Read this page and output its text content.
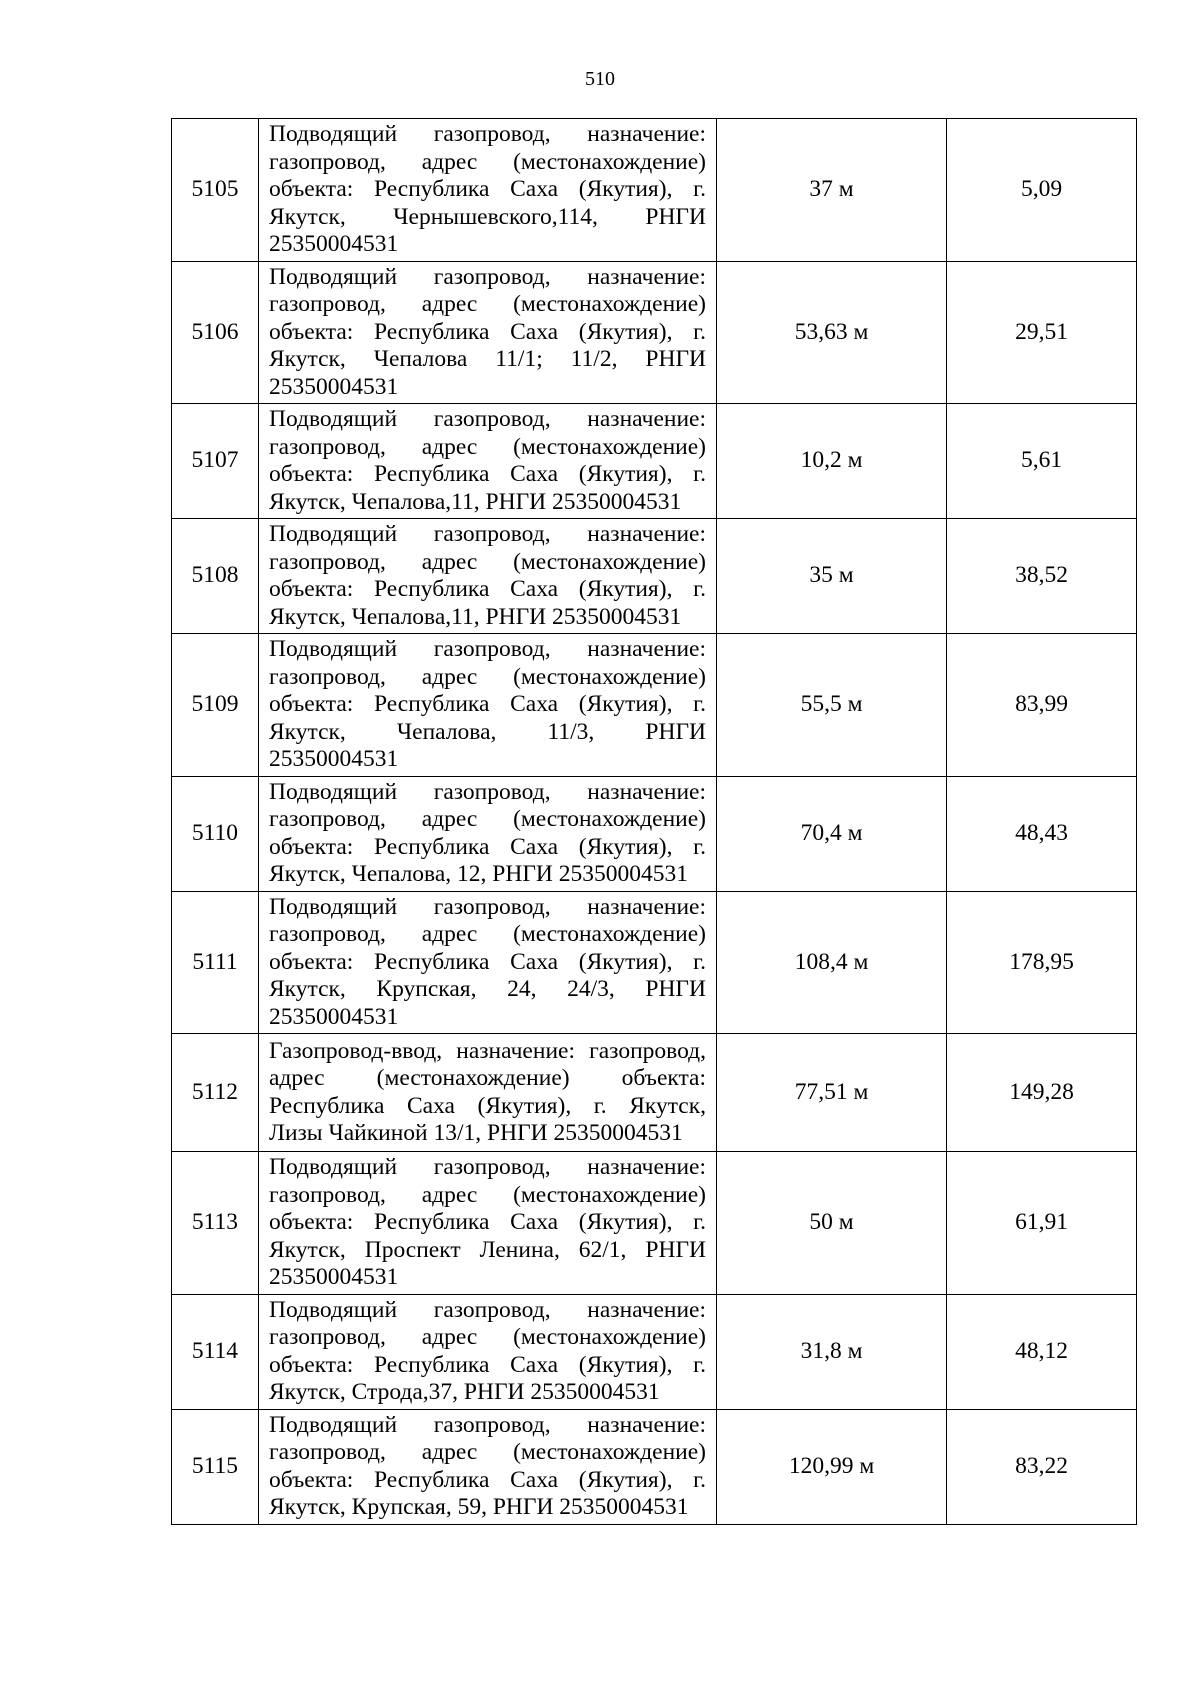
510
5105	Подводящий газопровод, назначение:
газопровод, адрес (местонахождение)
объекта: Республика Саха (Якутия), г.
Якутск, Чернышевского,114, РНГИ
25350004531	37 м	5,09
5106	Подводящий газопровод, назначение:
газопровод, адрес (местонахождение)
объекта: Республика Саха (Якутия), г.
Якутск, Чепалова 11/1; 11/2, РНГИ
25350004531	53,63 м	29,51
5107	Подводящий газопровод, назначение:
газопровод, адрес (местонахождение)
объекта: Республика Саха (Якутия), г.
Якутск, Чепалова,11, РНГИ 25350004531	10,2 м	5,61
5108	Подводящий газопровод, назначение:
газопровод, адрес (местонахождение)
объекта: Республика Саха (Якутия), г.
Якутск, Чепалова,11, РНГИ 25350004531	35 м	38,52
5109	Подводящий газопровод, назначение:
газопровод, адрес (местонахождение)
объекта: Республика Саха (Якутия), г.
Якутск, Чепалова, 11/3, РНГИ
25350004531	55,5 м	83,99
5110	Подводящий газопровод, назначение:
газопровод, адрес (местонахождение)
объекта: Республика Саха (Якутия), г.
Якутск, Чепалова, 12, РНГИ 25350004531	70,4 м	48,43
5111	Подводящий газопровод, назначение:
газопровод, адрес (местонахождение)
объекта: Республика Саха (Якутия), г.
Якутск, Крупская, 24, 24/3, РНГИ
25350004531	108,4 м	178,95
5112	Газопровод-ввод, назначение: газопровод,
адрес (местонахождение) объекта:
Республика Саха (Якутия), г. Якутск,
Лизы Чайкиной 13/1, РНГИ 25350004531	77,51 м	149,28
5113	Подводящий газопровод, назначение:
газопровод, адрес (местонахождение)
объекта: Республика Саха (Якутия), г.
Якутск, Проспект Ленина, 62/1, РНГИ
25350004531	50 м	61,91
5114	Подводящий газопровод, назначение:
газопровод, адрес (местонахождение)
объекта: Республика Саха (Якутия), г.
Якутск, Строда,37, РНГИ 25350004531	31,8 м	48,12
5115	Подводящий газопровод, назначение:
газопровод, адрес (местонахождение)
объекта: Республика Саха (Якутия), г.
Якутск, Крупская, 59, РНГИ 25350004531	120,99 м	83,22
